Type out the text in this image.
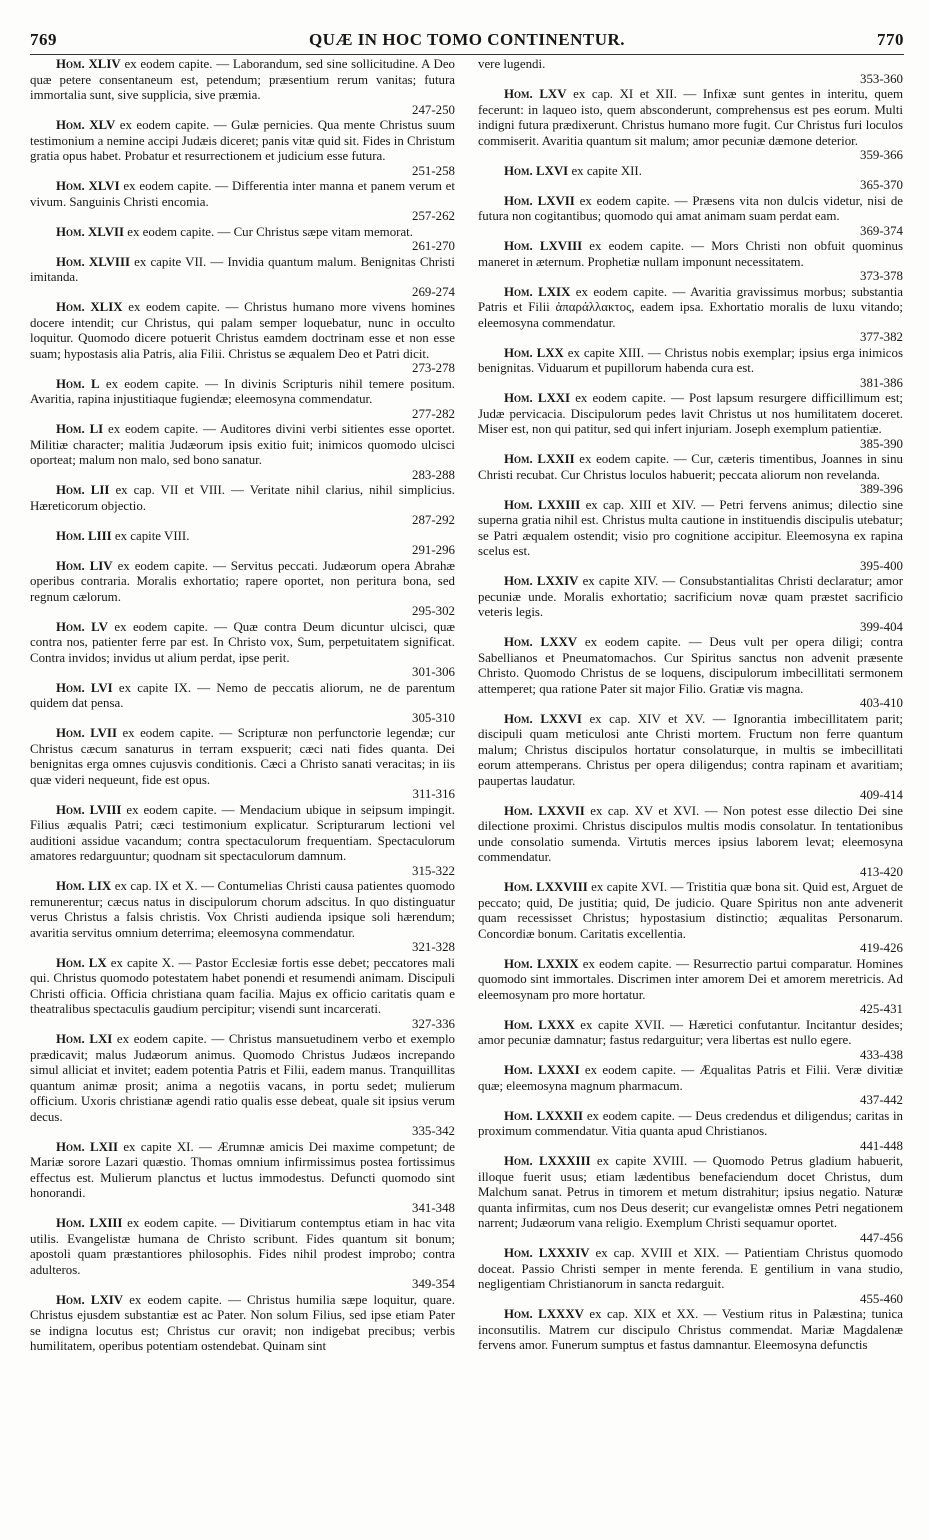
769	QUÆ IN HOC TOMO CONTINENTUR.	770

Hom. XLIV ex eodem capite. — Laborandum, sed sine sollicitudine. A Deo quæ petere consentaneum est, petendum; præsentium rerum vanitas; futura immortalia sunt, sive supplicia, sive præmia.
247-250

Hom. XLV ex eodem capite. — Gulæ pernicies. Qua mente Christus suum testimonium a nemine accipi Judæis diceret; panis vitæ quid sit. Fides in Christum gratia opus habet. Probatur et resurrectionem et judicium esse futura.
251-258

Hom. XLVI ex eodem capite. — Differentia inter manna et panem verum et vivum. Sanguinis Christi encomia.
257-262

Hom. XLVII ex eodem capite. — Cur Christus sæpe vitam memorat.
261-270

Hom. XLVIII ex capite VII. — Invidia quantum malum. Benignitas Christi imitanda.
269-274

Hom. XLIX ex eodem capite. — Christus humano more vivens homines docere intendit; cur Christus, qui palam semper loquebatur, nunc in occulto loquitur. Quomodo dicere potuerit Christus eamdem doctrinam esse et non esse suam; hypostasis alia Patris, alia Filii. Christus se æqualem Deo et Patri dicit.
273-278

Hom. L ex eodem capite. — In divinis Scripturis nihil temere positum. Avaritia, rapina injustitiaque fugiendæ; eleemosyna commendatur.
277-282

Hom. LI ex eodem capite. — Auditores divini verbi sitientes esse oportet. Militiæ character; malitia Judæorum ipsis exitio fuit; inimicos quomodo ulcisci oporteat; malum non malo, sed bono sanatur.
283-288

Hom. LII ex cap. VII et VIII. — Veritate nihil clarius, nihil simplicius. Hæreticorum objectio.
287-292

Hom. LIII ex capite VIII.
291-296

Hom. LIV ex eodem capite. — Servitus peccati. Judæorum opera Abrahæ operibus contraria. Moralis exhortatio; rapere oportet, non peritura bona, sed regnum cælorum.
295-302

Hom. LV ex eodem capite. — Quæ contra Deum dicuntur ulcisci, quæ contra nos, patienter ferre par est. In Christo vox, Sum, perpetuitatem significat. Contra invidos; invidus ut alium perdat, ipse perit.
301-306

Hom. LVI ex capite IX. — Nemo de peccatis aliorum, ne de parentum quidem dat pensa.
305-310

Hom. LVII ex eodem capite. — Scripturæ non perfunctorie legendæ; cur Christus cæcum sanaturus in terram exspuerit; cæci nati fides quanta. Dei benignitas erga omnes cujusvis conditionis. Cæci a Christo sanati veracitas; in iis quæ videri nequeunt, fide est opus.
311-316

Hom. LVIII ex eodem capite. — Mendacium ubique in seipsum impingit. Filius æqualis Patri; cæci testimonium explicatur. Scripturarum lectioni vel auditioni assidue vacandum; contra spectaculorum frequentiam. Spectaculorum amatores redarguuntur; quodnam sit spectaculorum damnum.
315-322

Hom. LIX ex cap. IX et X. — Contumelias Christi causa patientes quomodo remunerentur; cæcus natus in discipulorum chorum adscitus. In quo distinguatur verus Christus a falsis christis. Vox Christi audienda ipsique soli hærendum; avaritia servitus omnium deterrima; eleemosyna commendatur.
321-328

Hom. LX ex capite X. — Pastor Ecclesiæ fortis esse debet; peccatores mali qui. Christus quomodo potestatem habet ponendi et resumendi animam. Discipuli Christi officia. Officia christiana quam facilia. Majus ex officio caritatis quam e theatralibus spectaculis gaudium percipitur; visendi sunt incarcerati.
327-336

Hom. LXI ex eodem capite. — Christus mansuetudinem verbo et exemplo prædicavit; malus Judæorum animus. Quomodo Christus Judæos increpando simul alliciat et invitet; eadem potentia Patris et Filii, eadem manus. Tranquillitas quantum animæ prosit; anima a negotiis vacans, in portu sedet; mulierum officium. Uxoris christianæ agendi ratio qualis esse debeat, quale sit ipsius verum decus.
335-342

Hom. LXII ex capite XI. — Ærumnæ amicis Dei maxime competunt; de Mariæ sorore Lazari quæstio. Thomas omnium infirmissimus postea fortissimus effectus est. Mulierum planctus et luctus immodestus. Defuncti quomodo sint honorandi.
341-348

Hom. LXIII ex eodem capite. — Divitiarum contemptus etiam in hac vita utilis. Evangelistæ humana de Christo scribunt. Fides quantum sit bonum; apostoli quam præstantiores philosophis. Fides nihil prodest improbo; contra adulteros.
349-354

Hom. LXIV ex eodem capite. — Christus humilia sæpe loquitur, quare. Christus ejusdem substantiæ est ac Pater. Non solum Filius, sed ipse etiam Pater se indigna locutus est; Christus cur oravit; non indigebat precibus; verbis humilitatem, operibus potentiam ostendebat. Quinam sint

vere lugendi.
353-360

Hom. LXV ex cap. XI et XII. — Infixæ sunt gentes in interitu, quem fecerunt: in laqueo isto, quem absconderunt, comprehensus est pes eorum. Multi indigni futura prædixerunt. Christus humano more fugit. Cur Christus furi loculos commiserit. Avaritia quantum sit malum; amor pecuniæ dæmone deterior.
359-366

Hom. LXVI ex capite XII.
365-370

Hom. LXVII ex eodem capite. — Præsens vita non dulcis videtur, nisi de futura non cogitantibus; quomodo qui amat animam suam perdat eam.
369-374

Hom. LXVIII ex eodem capite. — Mors Christi non obfuit quominus maneret in æternum. Prophetiæ nullam imponunt necessitatem.
373-378

Hom. LXIX ex eodem capite. — Avaritia gravissimus morbus; substantia Patris et Filii ἀπαράλλακτος, eadem ipsa. Exhortatio moralis de luxu vitando; eleemosyna commendatur.
377-382

Hom. LXX ex capite XIII. — Christus nobis exemplar; ipsius erga inimicos benignitas. Viduarum et pupillorum habenda cura est.
381-386

Hom. LXXI ex eodem capite. — Post lapsum resurgere difficillimum est; Judæ pervicacia. Discipulorum pedes lavit Christus ut nos humilitatem doceret. Miser est, non qui patitur, sed qui infert injuriam. Joseph exemplum patientiæ.
385-390

Hom. LXXII ex eodem capite. — Cur, cæteris timentibus, Joannes in sinu Christi recubat. Cur Christus loculos habuerit; peccata aliorum non revelanda.
389-396

Hom. LXXIII ex cap. XIII et XIV. — Petri fervens animus; dilectio sine superna gratia nihil est. Christus multa cautione in instituendis discipulis utebatur; se Patri æqualem ostendit; visio pro cognitione accipitur. Eleemosyna ex rapina scelus est.
395-400

Hom. LXXIV ex capite XIV. — Consubstantialitas Christi declaratur; amor pecuniæ unde. Moralis exhortatio; sacrificium novæ quam præstet sacrificio veteris legis.
399-404

Hom. LXXV ex eodem capite. — Deus vult per opera diligi; contra Sabellianos et Pneumatomachos. Cur Spiritus sanctus non advenit præsente Christo. Quomodo Christus de se loquens, discipulorum imbecillitati sermonem attemperet; qua ratione Pater sit major Filio. Gratiæ vis magna.
403-410

Hom. LXXVI ex cap. XIV et XV. — Ignorantia imbecillitatem parit; discipuli quam meticulosi ante Christi mortem. Fructum non ferre quantum malum; Christus discipulos hortatur consolaturque, in multis se imbecillitati eorum attemperans. Christus per opera diligendus; contra rapinam et avaritiam; paupertas laudatur.
409-414

Hom. LXXVII ex cap. XV et XVI. — Non potest esse dilectio Dei sine dilectione proximi. Christus discipulos multis modis consolatur. In tentationibus unde consolatio sumenda. Virtutis merces ipsius laborem levat; eleemosyna commendatur.
413-420

Hom. LXXVIII ex capite XVI. — Tristitia quæ bona sit. Quid est, Arguet de peccato; quid, De justitia; quid, De judicio. Quare Spiritus non ante advenerit quam recessisset Christus; hypostasium distinctio; æqualitas Personarum. Concordiæ bonum. Caritatis excellentia.
419-426

Hom. LXXIX ex eodem capite. — Resurrectio partui comparatur. Homines quomodo sint immortales. Discrimen inter amorem Dei et amorem meretricis. Ad eleemosynam pro more hortatur.
425-431

Hom. LXXX ex capite XVII. — Hæretici confutantur. Incitantur desides; amor pecuniæ damnatur; fastus redarguitur; vera libertas est nullo egere.
433-438

Hom. LXXXI ex eodem capite. — Æqualitas Patris et Filii. Veræ divitiæ quæ; eleemosyna magnum pharmacum.
437-442

Hom. LXXXII ex eodem capite. — Deus credendus et diligendus; caritas in proximum commendatur. Vitia quanta apud Christianos.
441-448

Hom. LXXXIII ex capite XVIII. — Quomodo Petrus gladium habuerit, illoque fuerit usus; etiam lædentibus benefaciendum docet Christus, dum Malchum sanat. Petrus in timorem et metum distrahitur; ipsius negatio. Naturæ quanta infirmitas, cum nos Deus deserit; cur evangelistæ omnes Petri negationem narrent; Judæorum vana religio. Exemplum Christi sequamur oportet.
447-456

Hom. LXXXIV ex cap. XVIII et XIX. — Patientiam Christus quomodo doceat. Passio Christi semper in mente ferenda. E gentilium in vana studio, negligentiam Christianorum in sancta redarguit.
455-460

Hom. LXXXV ex cap. XIX et XX. — Vestium ritus in Palæstina; tunica inconsutilis. Matrem cur discipulo Christus commendat. Mariæ Magdalenæ fervens amor. Funerum sumptus et fastus damnantur. Eleemosyna defunctis
